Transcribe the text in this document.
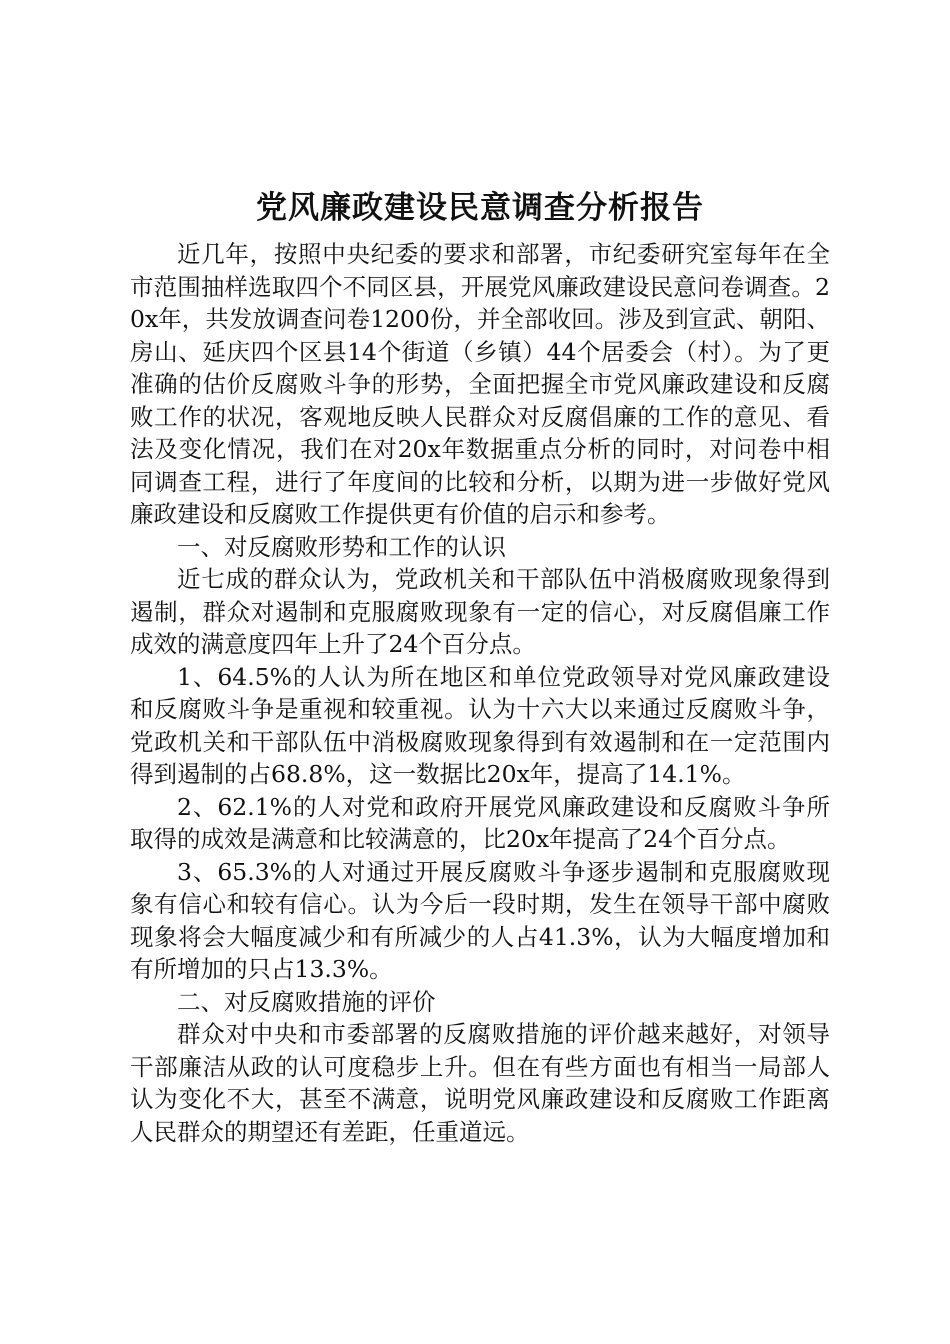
党风廉政建设民意调查分析报告

近几年，按照中央纪委的要求和部署，市纪委研究室每年在全市范围抽样选取四个不同区县，开展党风廉政建设民意问卷调查。20x年，共发放调查问卷1200份，并全部收回。涉及到宣武、朝阳、房山、延庆四个区县14个街道（乡镇）44个居委会（村）。为了更准确的估价反腐败斗争的形势，全面把握全市党风廉政建设和反腐败工作的状况，客观地反映人民群众对反腐倡廉的工作的意见、看法及变化情况，我们在对20x年数据重点分析的同时，对问卷中相同调查工程，进行了年度间的比较和分析，以期为进一步做好党风廉政建设和反腐败工作提供更有价值的启示和参考。

一、对反腐败形势和工作的认识

近七成的群众认为，党政机关和干部队伍中消极腐败现象得到遏制，群众对遏制和克服腐败现象有一定的信心，对反腐倡廉工作成效的满意度四年上升了24个百分点。

1、64.5%的人认为所在地区和单位党政领导对党风廉政建设和反腐败斗争是重视和较重视。认为十六大以来通过反腐败斗争，党政机关和干部队伍中消极腐败现象得到有效遏制和在一定范围内得到遏制的占68.8%，这一数据比20x年，提高了14.1%。

2、62.1%的人对党和政府开展党风廉政建设和反腐败斗争所取得的成效是满意和比较满意的，比20x年提高了24个百分点。

3、65.3%的人对通过开展反腐败斗争逐步遏制和克服腐败现象有信心和较有信心。认为今后一段时期，发生在领导干部中腐败现象将会大幅度减少和有所减少的人占41.3%，认为大幅度增加和有所增加的只占13.3%。

二、对反腐败措施的评价

群众对中央和市委部署的反腐败措施的评价越来越好，对领导干部廉洁从政的认可度稳步上升。但在有些方面也有相当一局部人认为变化不大，甚至不满意，说明党风廉政建设和反腐败工作距离人民群众的期望还有差距，任重道远。
